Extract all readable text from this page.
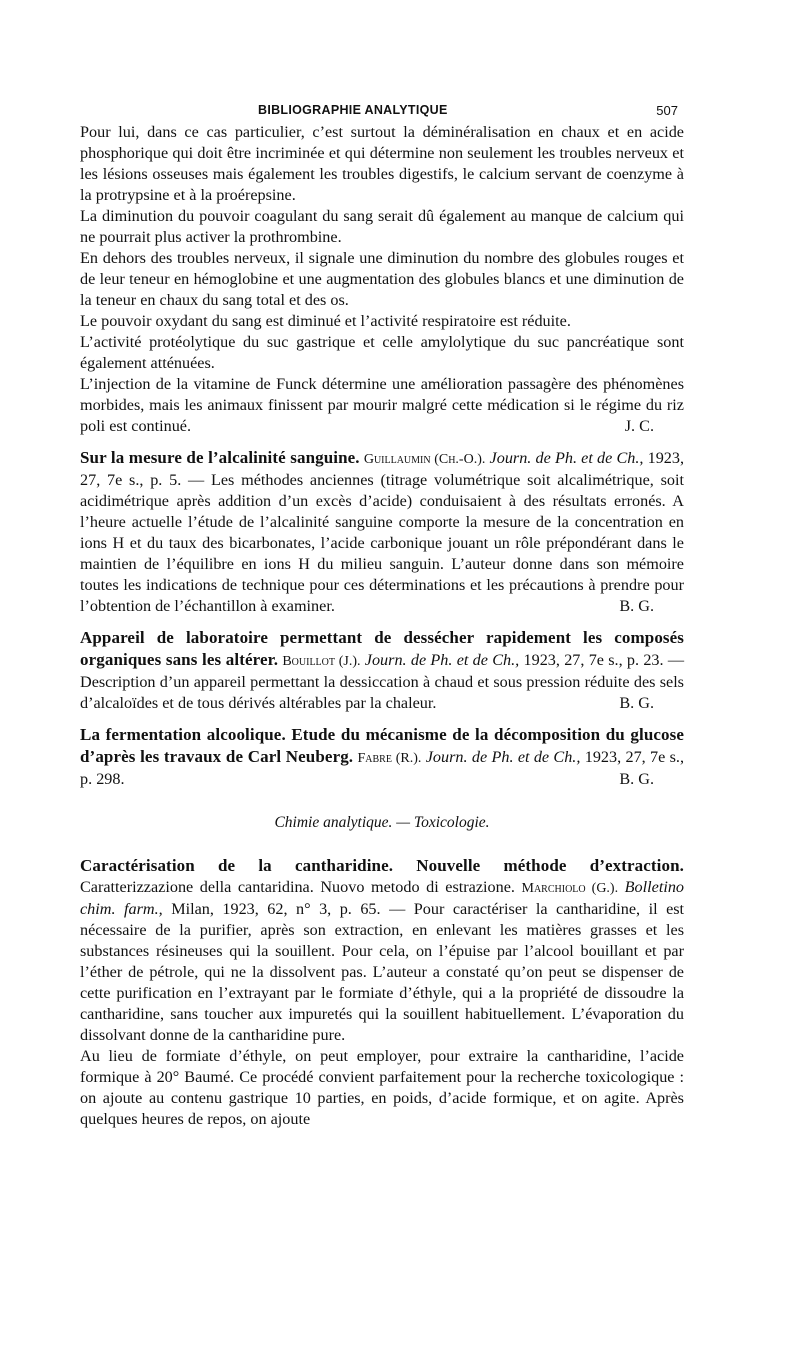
BIBLIOGRAPHIE ANALYTIQUE	507

Pour lui, dans ce cas particulier, c’est surtout la déminéralisation en chaux et en acide phosphorique qui doit être incriminée et qui détermine non seulement les troubles nerveux et les lésions osseuses mais également les troubles digestifs, le calcium servant de coenzyme à la protrypsine et à la proérepsine.

La diminution du pouvoir coagulant du sang serait dû également au manque de calcium qui ne pourrait plus activer la prothrombine.

En dehors des troubles nerveux, il signale une diminution du nombre des globules rouges et de leur teneur en hémoglobine et une augmentation des globules blancs et une diminution de la teneur en chaux du sang total et des os.

Le pouvoir oxydant du sang est diminué et l’activité respiratoire est réduite.

L’activité protéolytique du suc gastrique et celle amylolytique du suc pancréatique sont également atténuées.

L’injection de la vitamine de Funck détermine une amélioration passagère des phénomènes morbides, mais les animaux finissent par mourir malgré cette médication si le régime du riz poli est continué.	J. C.

Sur la mesure de l’alcalinité sanguine. Guillaumin (Ch.-O.). Journ. de Ph. et de Ch., 1923, 27, 7e s., p. 5. — Les méthodes anciennes (titrage volumétrique soit alcalimétrique, soit acidimétrique après addition d’un excès d’acide) conduisaient à des résultats erronés. A l’heure actuelle l’étude de l’alcalinité sanguine comporte la mesure de la concentration en ions H et du taux des bicarbonates, l’acide carbonique jouant un rôle prépondérant dans le maintien de l’équilibre en ions H du milieu sanguin. L’auteur donne dans son mémoire toutes les indications de technique pour ces déterminations et les précautions à prendre pour l’obtention de l’échantillon à examiner.	B. G.

Appareil de laboratoire permettant de dessécher rapidement les composés organiques sans les altérer. Bouillot (J.). Journ. de Ph. et de Ch., 1923, 27, 7e s., p. 23. — Description d’un appareil permettant la dessiccation à chaud et sous pression réduite des sels d’alcaloïdes et de tous dérivés altérables par la chaleur.	B. G.

La fermentation alcoolique. Etude du mécanisme de la décomposition du glucose d’après les travaux de Carl Neuberg. Fabre (R.). Journ. de Ph. et de Ch., 1923, 27, 7e s., p. 298.	B. G.

Chimie analytique. — Toxicologie.

Caractérisation de la cantharidine. Nouvelle méthode d’extraction. Caratterizzazione della cantaridina. Nuovo metodo di estrazione. Marchiolo (G.). Bolletino chim. farm., Milan, 1923, 62, n° 3, p. 65. — Pour caractériser la cantharidine, il est nécessaire de la purifier, après son extraction, en enlevant les matières grasses et les substances résineuses qui la souillent. Pour cela, on l’épuise par l’alcool bouillant et par l’éther de pétrole, qui ne la dissolvent pas. L’auteur a constaté qu’on peut se dispenser de cette purification en l’extrayant par le formiate d’éthyle, qui a la propriété de dissoudre la cantharidine, sans toucher aux impuretés qui la souillent habituellement. L’évaporation du dissolvant donne de la cantharidine pure.

Au lieu de formiate d’éthyle, on peut employer, pour extraire la cantharidine, l’acide formique à 20° Baumé. Ce procédé convient parfaitement pour la recherche toxicologique : on ajoute au contenu gastrique 10 parties, en poids, d’acide formique, et on agite. Après quelques heures de repos, on ajoute
